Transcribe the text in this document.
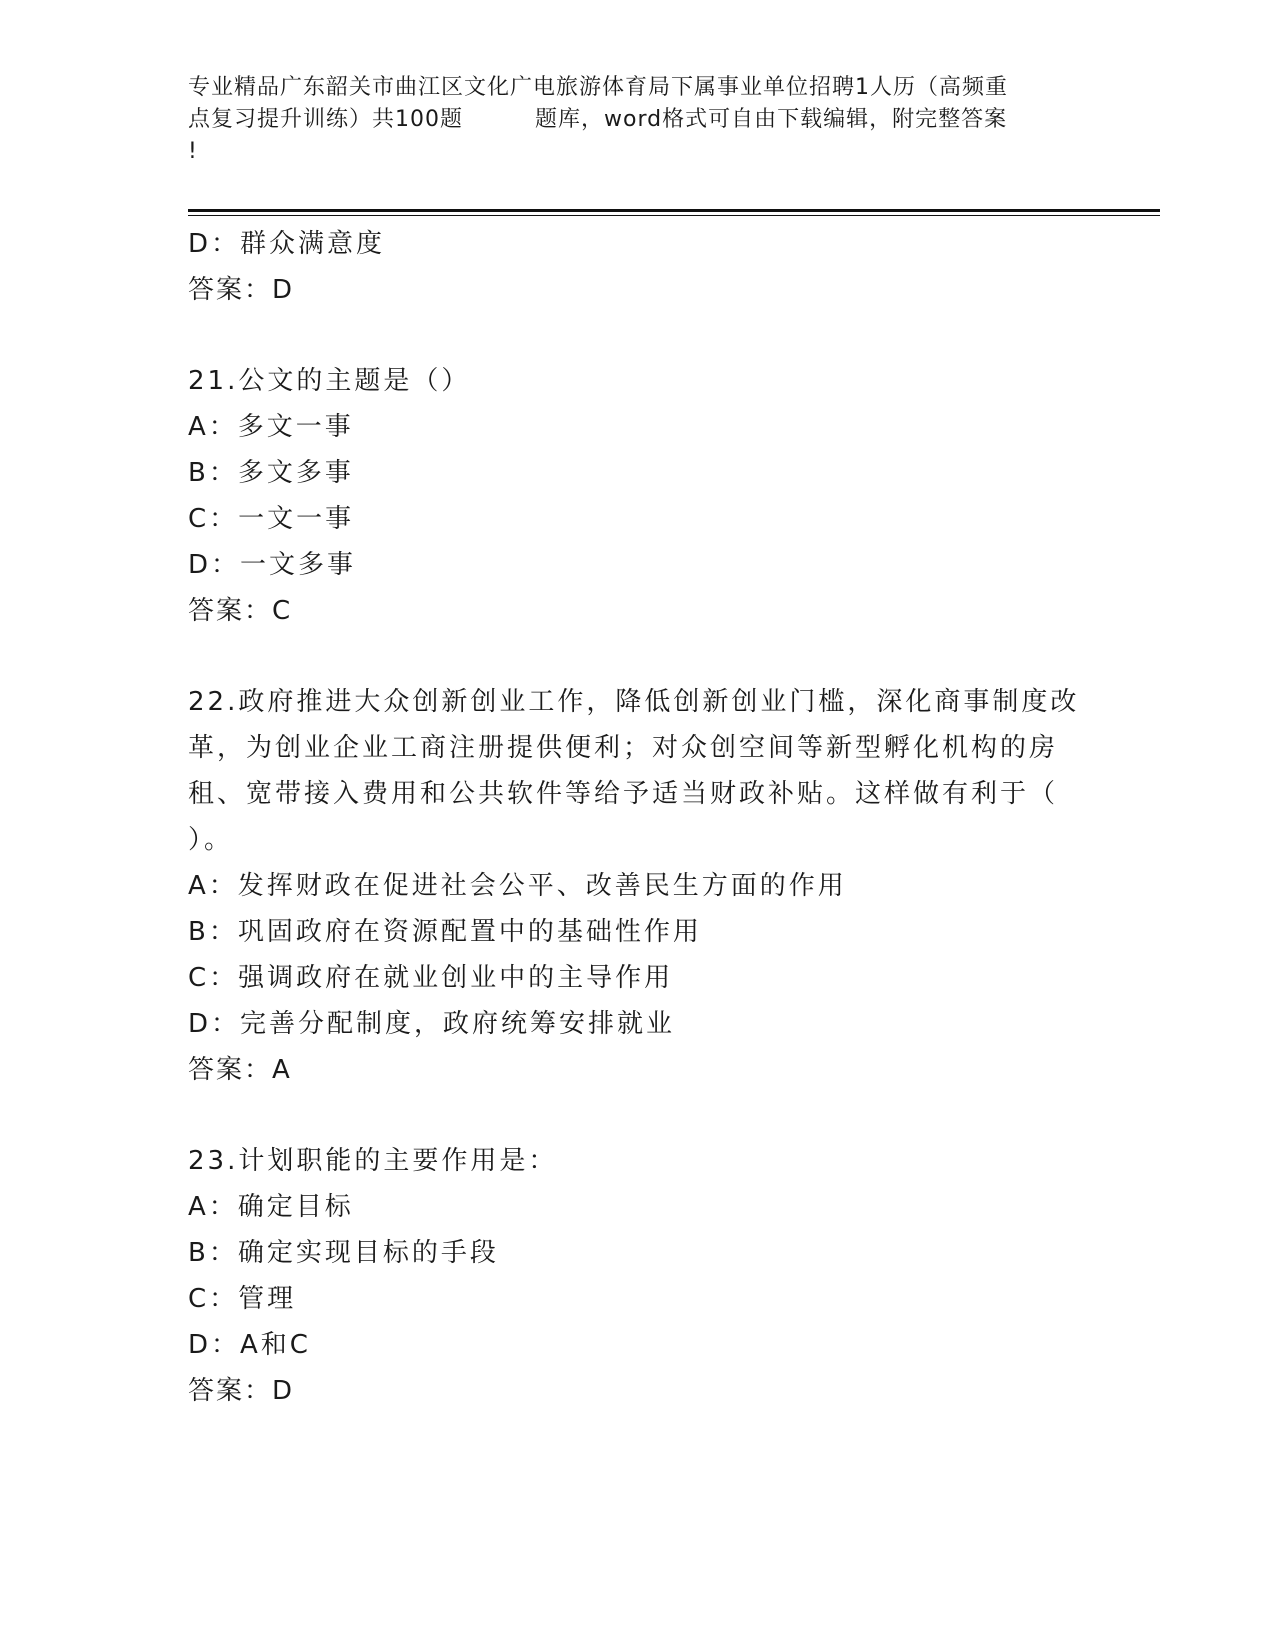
专业精品广东韶关市曲江区文化广电旅游体育局下属事业单位招聘1人历（高频重
点复习提升训练）共100题	题库，word格式可自由下载编辑，附完整答案
!
D：群众满意度
答案：D
21.公文的主题是（）
A：多文一事
B：多文多事
C：一文一事
D：一文多事
答案：C
22.政府推进大众创新创业工作，降低创新创业门槛，深化商事制度改
革，为创业企业工商注册提供便利；对众创空间等新型孵化机构的房
租、宽带接入费用和公共软件等给予适当财政补贴。这样做有利于（
）。
A：发挥财政在促进社会公平、改善民生方面的作用
B：巩固政府在资源配置中的基础性作用
C：强调政府在就业创业中的主导作用
D：完善分配制度，政府统筹安排就业
答案：A
23.计划职能的主要作用是：
A：确定目标
B：确定实现目标的手段
C：管理
D：A和C
答案：D
